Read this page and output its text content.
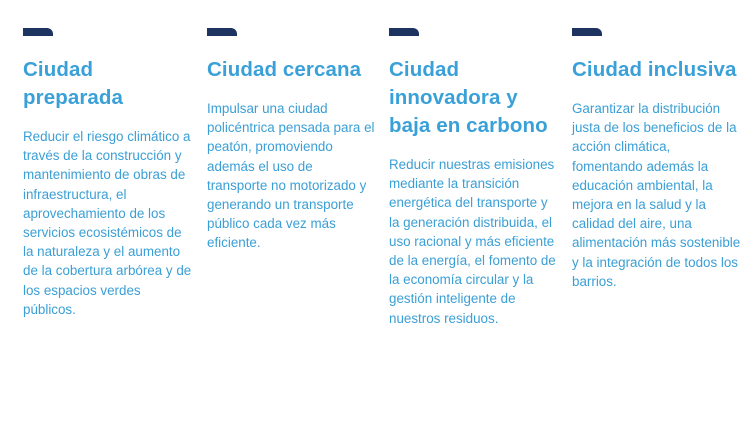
Ciudad preparada
Reducir el riesgo climático a través de la construcción y mantenimiento de obras de infraestructura, el aprovechamiento de los servicios ecosistémicos de la naturaleza y el aumento de la cobertura arbórea y de los espacios verdes públicos.
Ciudad cercana
Impulsar una ciudad policéntrica pensada para el peatón, promoviendo además el uso de transporte no motorizado y generando un transporte público cada vez más eficiente.
Ciudad innovadora y baja en carbono
Reducir nuestras emisiones mediante la transición energética del transporte y la generación distribuida, el uso racional y más eficiente de la energía, el fomento de la economía circular y la gestión inteligente de nuestros residuos.
Ciudad inclusiva
Garantizar la distribución justa de los beneficios de la acción climática, fomentando además la educación ambiental, la mejora en la salud y la calidad del aire, una alimentación más sostenible y la integración de todos los barrios.
